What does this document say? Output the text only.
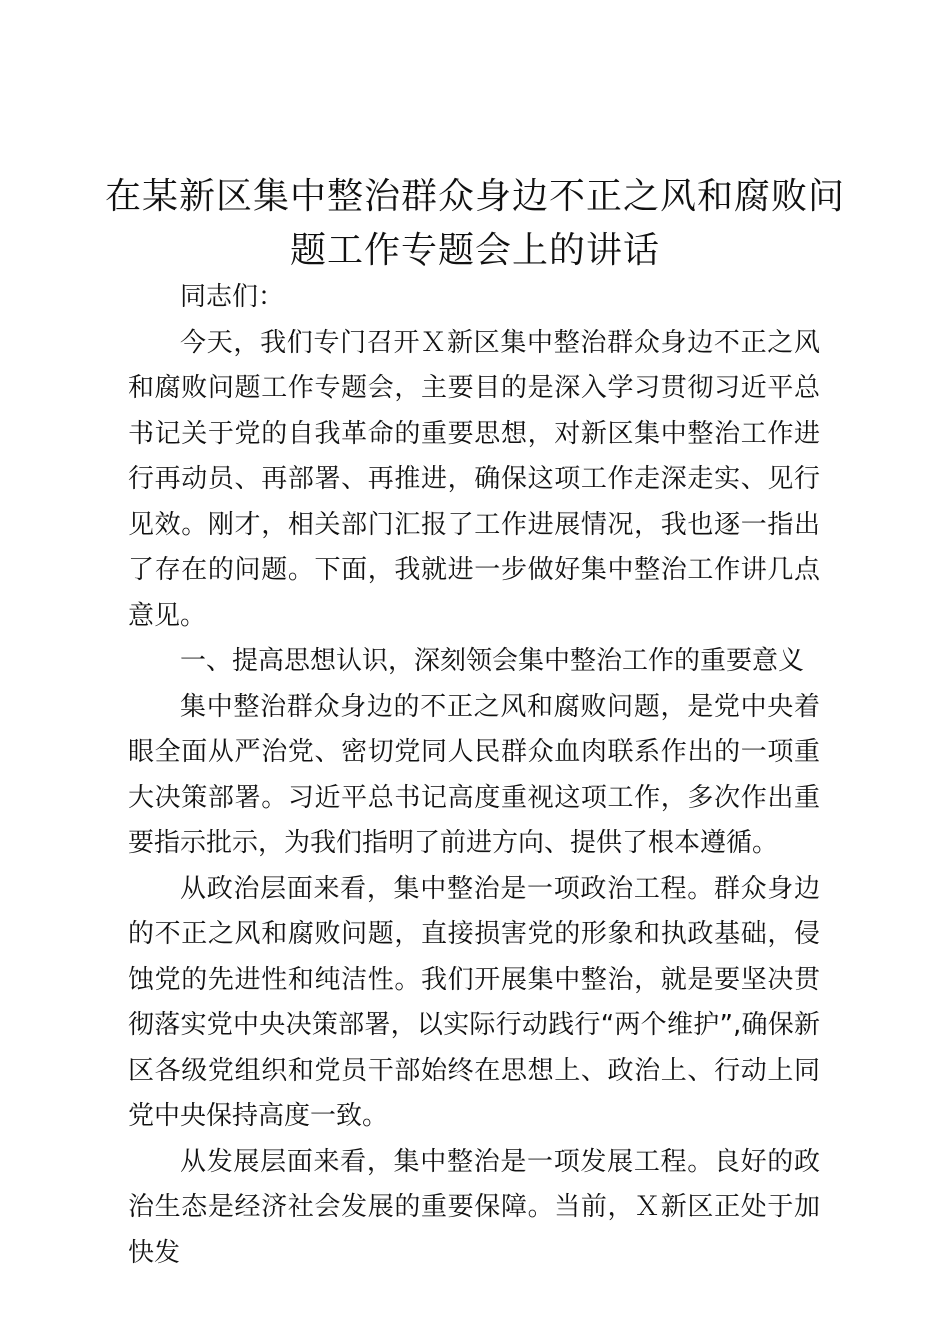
在某新区集中整治群众身边不正之风和腐败问
题工作专题会上的讲话

同志们：

今天，我们专门召开Ｘ新区集中整治群众身边不正之风和腐败问题工作专题会，主要目的是深入学习贯彻习近平总书记关于党的自我革命的重要思想，对新区集中整治工作进行再动员、再部署、再推进，确保这项工作走深走实、见行见效。刚才，相关部门汇报了工作进展情况，我也逐一指出了存在的问题。下面，我就进一步做好集中整治工作讲几点意见。

一、提高思想认识，深刻领会集中整治工作的重要意义

集中整治群众身边的不正之风和腐败问题，是党中央着眼全面从严治党、密切党同人民群众血肉联系作出的一项重大决策部署。习近平总书记高度重视这项工作，多次作出重要指示批示，为我们指明了前进方向、提供了根本遵循。

从政治层面来看，集中整治是一项政治工程。群众身边的不正之风和腐败问题，直接损害党的形象和执政基础，侵蚀党的先进性和纯洁性。我们开展集中整治，就是要坚决贯彻落实党中央决策部署，以实际行动践行“两个维护”,确保新区各级党组织和党员干部始终在思想上、政治上、行动上同党中央保持高度一致。

从发展层面来看，集中整治是一项发展工程。良好的政治生态是经济社会发展的重要保障。当前，Ｘ新区正处于加快发
